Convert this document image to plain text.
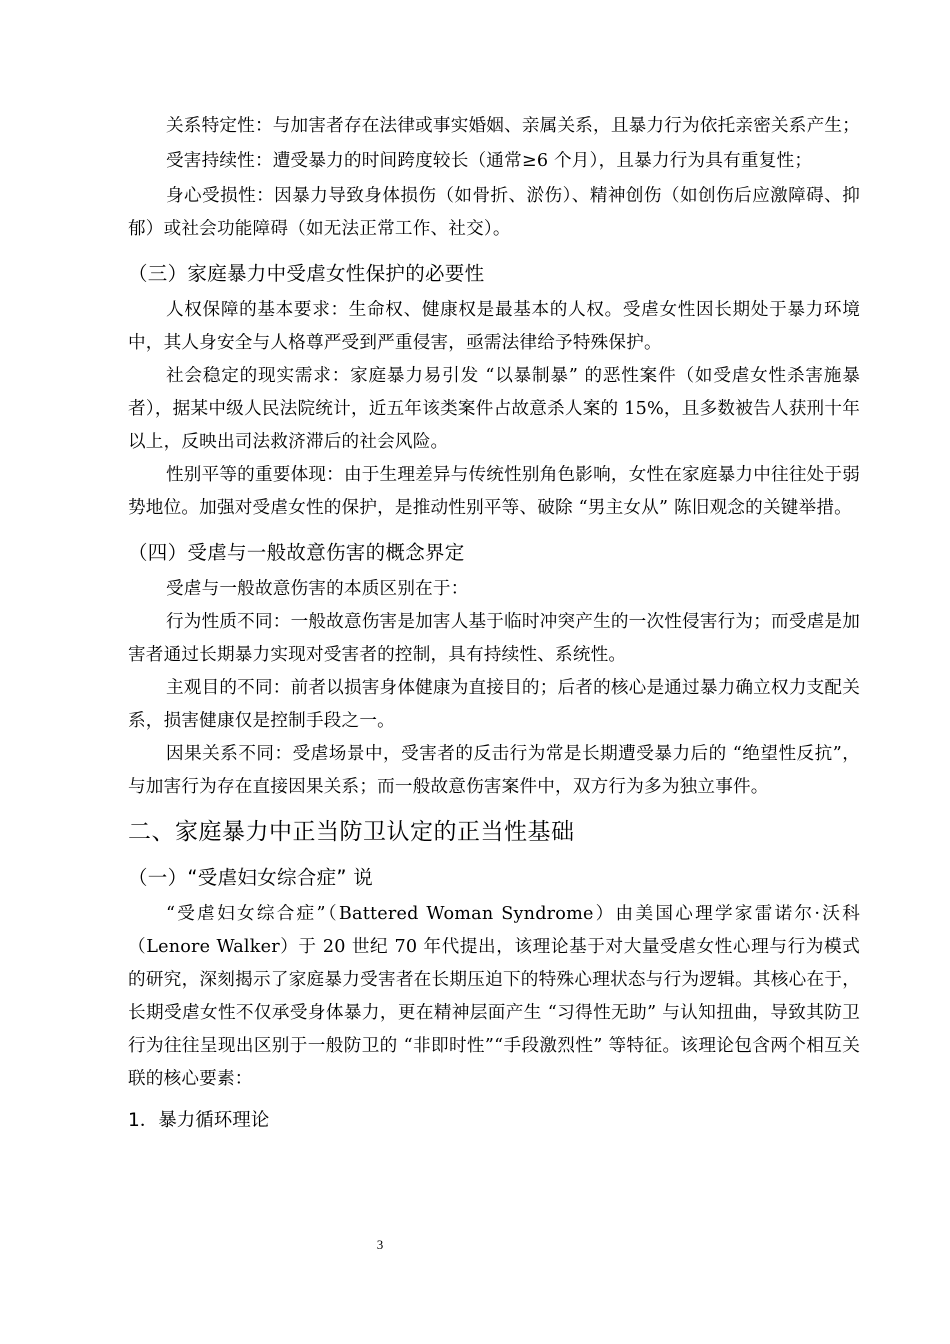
关系特定性：与加害者存在法律或事实婚姻、亲属关系，且暴力行为依托亲密关系产生；

受害持续性：遭受暴力的时间跨度较长（通常≥6 个月），且暴力行为具有重复性；

身心受损性：因暴力导致身体损伤（如骨折、淤伤）、精神创伤（如创伤后应激障碍、抑郁）或社会功能障碍（如无法正常工作、社交）。

（三）家庭暴力中受虐女性保护的必要性

人权保障的基本要求：生命权、健康权是最基本的人权。受虐女性因长期处于暴力环境中，其人身安全与人格尊严受到严重侵害，亟需法律给予特殊保护。

社会稳定的现实需求：家庭暴力易引发 “以暴制暴” 的恶性案件（如受虐女性杀害施暴者），据某中级人民法院统计，近五年该类案件占故意杀人案的 15%，且多数被告人获刑十年以上，反映出司法救济滞后的社会风险。

性别平等的重要体现：由于生理差异与传统性别角色影响，女性在家庭暴力中往往处于弱势地位。加强对受虐女性的保护，是推动性别平等、破除 “男主女从” 陈旧观念的关键举措。

（四）受虐与一般故意伤害的概念界定

受虐与一般故意伤害的本质区别在于：

行为性质不同：一般故意伤害是加害人基于临时冲突产生的一次性侵害行为；而受虐是加害者通过长期暴力实现对受害者的控制，具有持续性、系统性。

主观目的不同：前者以损害身体健康为直接目的；后者的核心是通过暴力确立权力支配关系，损害健康仅是控制手段之一。

因果关系不同：受虐场景中，受害者的反击行为常是长期遭受暴力后的 “绝望性反抗”，与加害行为存在直接因果关系；而一般故意伤害案件中，双方行为多为独立事件。

二、家庭暴力中正当防卫认定的正当性基础
（一）“受虐妇女综合症” 说

“受虐妇女综合症”（Battered Woman Syndrome）由美国心理学家雷诺尔·沃科（Lenore Walker）于 20 世纪 70 年代提出，该理论基于对大量受虐女性心理与行为模式的研究，深刻揭示了家庭暴力受害者在长期压迫下的特殊心理状态与行为逻辑。其核心在于，长期受虐女性不仅承受身体暴力，更在精神层面产生 “习得性无助” 与认知扭曲，导致其防卫行为往往呈现出区别于一般防卫的 “非即时性”“手段激烈性” 等特征。该理论包含两个相互关联的核心要素：

1．暴力循环理论
3
